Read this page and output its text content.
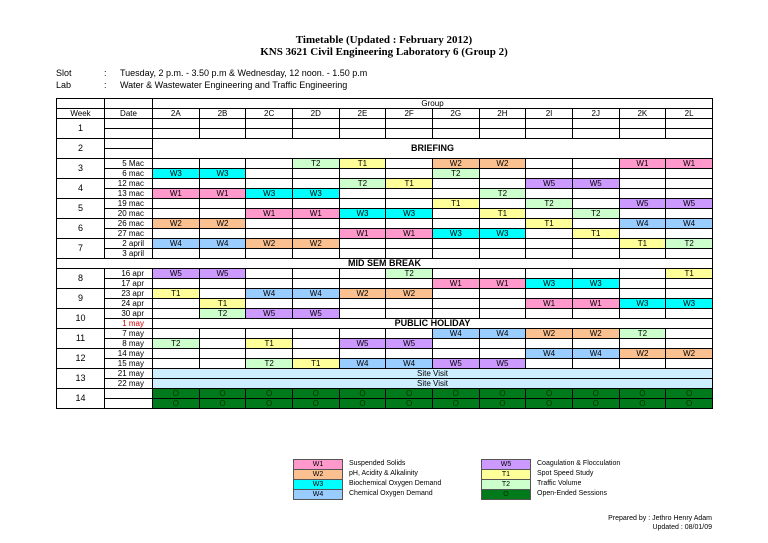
Timetable (Updated : February 2012)
KNS 3621 Civil Engineering Laboratory 6 (Group 2)
Slot	: Tuesday, 2 p.m. - 3.50 p.m & Wednesday, 12 noon. - 1.50 p.m
Lab	: Water & Wastewater Engineering and Traffic Engineering
		Group											
Week	Date	2A	2B	2C	2D	2E	2F	2G	2H	2I	2J	2K	2L
1													

2		BRIEFING											

3	5 Mac				T2	T1		W2	W2			W1	W1
	6 mac	W3	W3					T2					
4	12 mac					T2	T1			W5	W5		
	13 mac	W1	W1	W3	W3				T2				
5	19 mac							T1		T2		W5	W5
	20 mac			W1	W1	W3	W3		T1		T2		
6	26 mac	W2	W2							T1		W4	W4
	27 mac					W1	W1	W3	W3		T1		
7	2 april	W4	W4	W2	W2							T1	T2
	3 april												
MID SEM BREAK													
8	16 apr	W5	W5				T2						T1
	17 apr							W1	W1	W3	W3		
9	23 apr	T1		W4	W4	W2	W2						
	24 apr		T1							W1	W1	W3	W3
10	30 apr		T2	W5	W5								
	1 may	PUBLIC HOLIDAY											
11	7 may							W4	W4	W2	W2	T2	
	8 may	T2		T1		W5	W5						
12	14 may									W4	W4	W2	W2
	15 may			T2	T1	W4	W4	W5	W5				
13	21 may	Site Visit											
	22 may	Site Visit											
14		O	O	O	O	O	O	O	O	O	O	O	O
		O	O	O	O	O	O	O	O	O	O	O	O
W1	Suspended Solids
W2	pH, Acidity & Alkalinity
W3	Biochemical Oxygen Demand
W4	Chemical Oxygen Demand
W5	Coagulation & Flocculation
T1	Spot Speed Study
T2	Traffic Volume
O	Open-Ended Sessions
Prepared by : Jethro Henry Adam
Updated : 08/01/09
